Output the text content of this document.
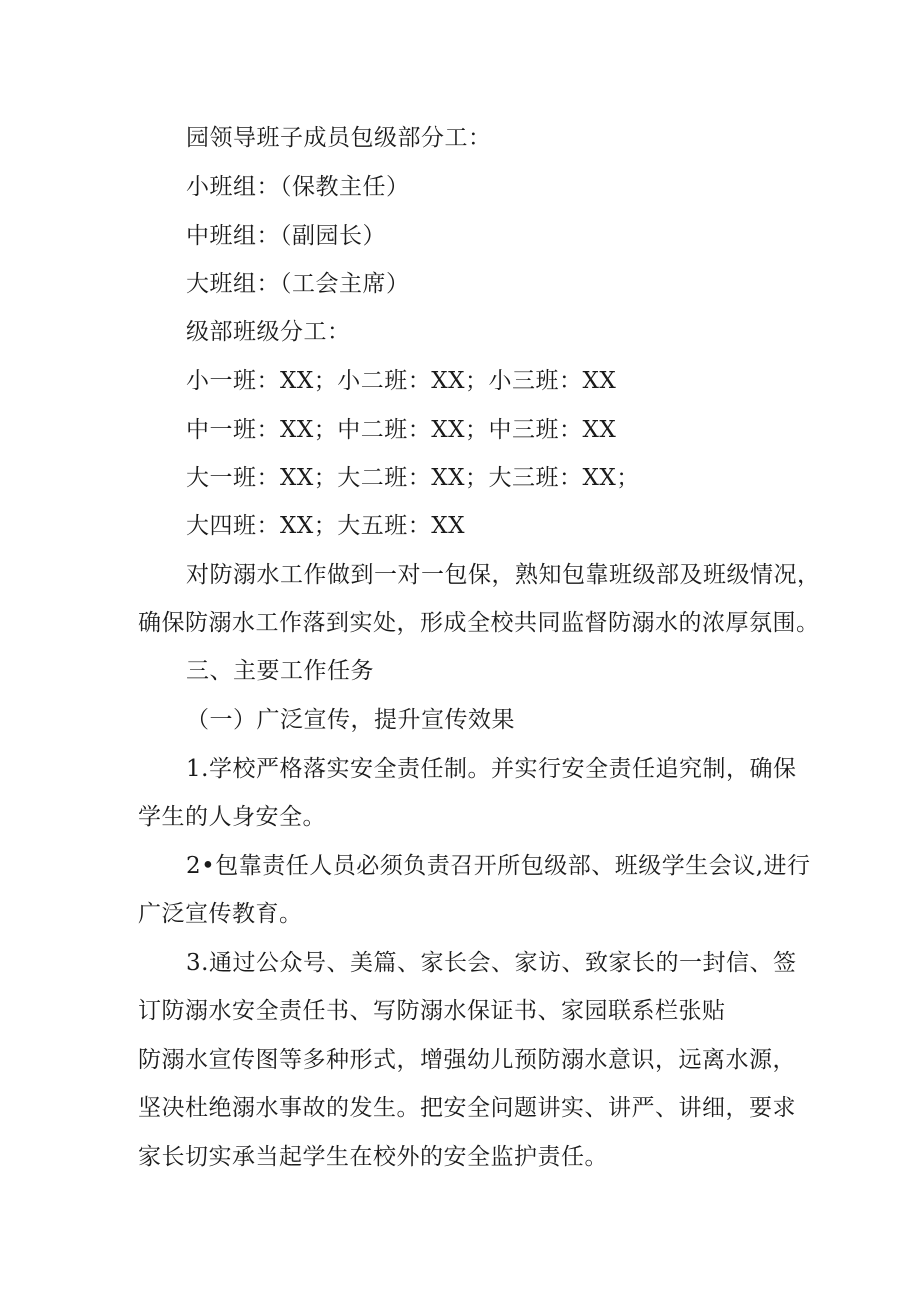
园领导班子成员包级部分工：

小班组：（保教主任）

中班组：（副园长）

大班组：（工会主席）

级部班级分工：

小一班：XX；小二班：XX；小三班：XX

中一班：XX；中二班：XX；中三班：XX

大一班：XX；大二班：XX；大三班：XX；

大四班：XX；大五班：XX

对防溺水工作做到一对一包保，熟知包靠班级部及班级情况，

确保防溺水工作落到实处，形成全校共同监督防溺水的浓厚氛围。

三、主要工作任务

（一）广泛宣传，提升宣传效果

1.学校严格落实安全责任制。并实行安全责任追究制，确保

学生的人身安全。

2•包靠责任人员必须负责召开所包级部、班级学生会议,进行

广泛宣传教育。

3.通过公众号、美篇、家长会、家访、致家长的一封信、签

订防溺水安全责任书、写防溺水保证书、家园联系栏张贴

防溺水宣传图等多种形式，增强幼儿预防溺水意识，远离水源，

坚决杜绝溺水事故的发生。把安全问题讲实、讲严、讲细，要求

家长切实承当起学生在校外的安全监护责任。
